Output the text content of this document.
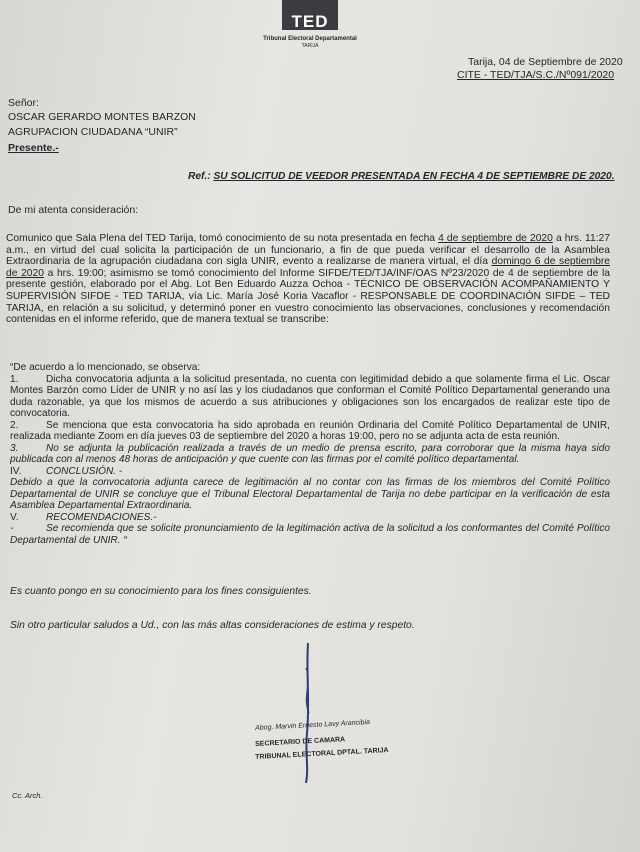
TED
Tribunal Electoral Departamental
TARIJA
Tarija, 04 de Septiembre de 2020
CITE - TED/TJA/S.C./Nº091/2020
Señor:
OSCAR GERARDO MONTES BARZON
AGRUPACION CIUDADANA “UNIR”
Presente.-
Ref.: SU SOLICITUD DE VEEDOR PRESENTADA EN FECHA 4 DE SEPTIEMBRE DE 2020.
De mi atenta consideración:
Comunico que Sala Plena del TED Tarija, tomó conocimiento de su nota presentada en fecha 4 de septiembre de 2020 a hrs. 11:27 a.m., en virtud del cual solicita la participación de un funcionario, a fin de que pueda verificar el desarrollo de la Asamblea Extraordinaria de la agrupación ciudadana con sigla UNIR, evento a realizarse de manera virtual, el día domingo 6 de septiembre de 2020 a hrs. 19:00; asimismo se tomó conocimiento del Informe SIFDE/TED/TJA/INF/OAS Nº23/2020 de 4 de septiembre de la presente gestión, elaborado por el Abg. Lot Ben Eduardo Auzza Ochoa - TÉCNICO DE OBSERVACIÓN ACOMPAÑAMIENTO Y SUPERVISIÓN SIFDE - TED TARIJA, vía Lic. María José Koria Vacaflor - RESPONSABLE DE COORDINACIÓN SIFDE – TED TARIJA, en relación a su solicitud, y determinó poner en vuestro conocimiento las observaciones, conclusiones y recomendación contenidas en el informe referido, que de manera textual se transcribe:

“De acuerdo a lo mencionado, se observa:

1.	Dicha convocatoria adjunta a la solicitud presentada, no cuenta con legitimidad debido a que solamente firma el Lic. Oscar Montes Barzón como Líder de UNIR y no así las y los ciudadanos que conforman el Comité Político Departamental generando una duda razonable, ya que los mismos de acuerdo a sus atribuciones y obligaciones son los encargados de realizar este tipo de convocatoria.

2.	Se menciona que esta convocatoria ha sido aprobada en reunión Ordinaria del Comité Político Departamental de UNIR, realizada mediante Zoom en día jueves 03 de septiembre del 2020 a horas 19:00, pero no se adjunta acta de esta reunión.

3.	No se adjunta la publicación realizada a través de un medio de prensa escrito, para corroborar que la misma haya sido publicada con al menos 48 horas de anticipación y que cuente con las firmas por el comité político departamental.

IV. CONCLUSIÓN. -

Debido a que la convocatoria adjunta carece de legitimación al no contar con las firmas de los miembros del Comité Político Departamental de UNIR se concluye que el Tribunal Electoral Departamental de Tarija no debe participar en la verificación de esta Asamblea Departamental Extraordinaria.

V.	RECOMENDACIONES.-

-	Se recomienda que se solicite pronunciamiento de la legitimación activa de la solicitud a los conformantes del Comité Político Departamental de UNIR. “

Es cuanto pongo en su conocimiento para los fines consiguientes.
Sin otro particular saludos a Ud., con las más altas consideraciones de estima y respeto.
Abog. Marvin Ernesto Lavy Arancibia
SECRETARIO DE CAMARA
TRIBUNAL ELECTORAL DPTAL. TARIJA
Cc. Arch.
